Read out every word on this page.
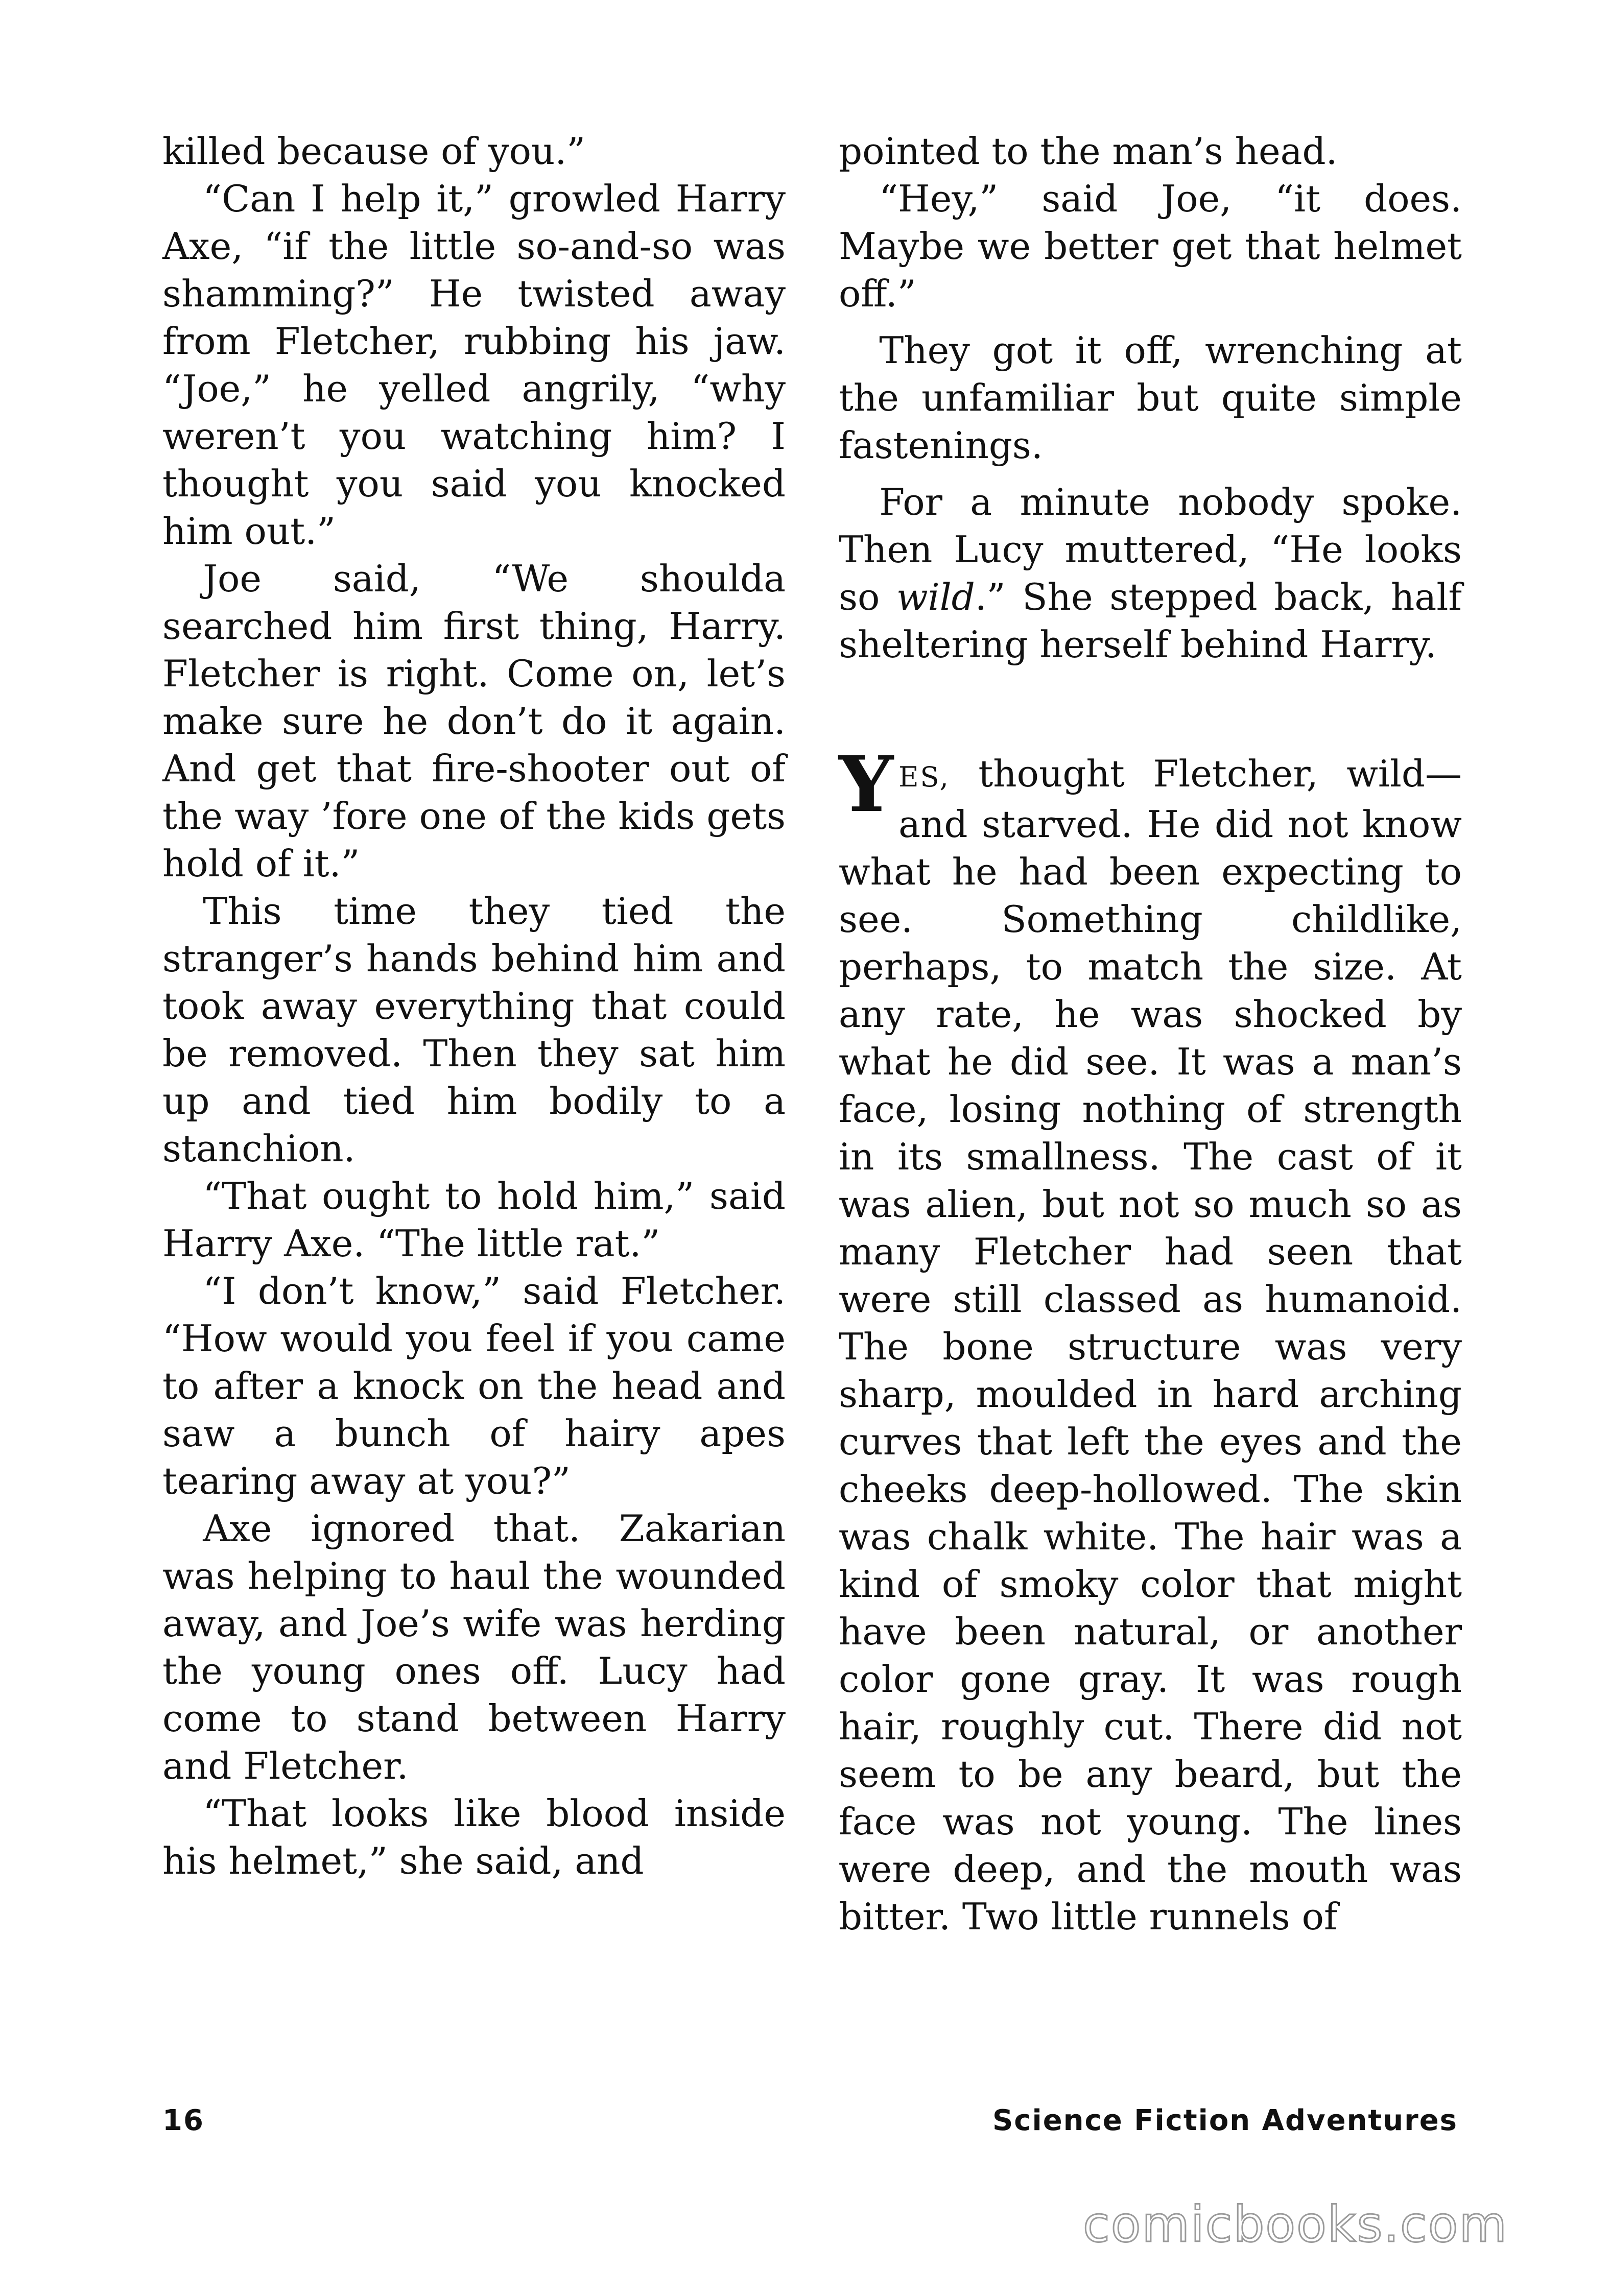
killed because of you.”

“Can I help it,” growled Harry Axe, “if the little so-and-so was shamming?” He twisted away from Fletcher, rubbing his jaw. “Joe,” he yelled angrily, “why weren’t you watching him? I thought you said you knocked him out.”

Joe said, “We shoulda searched him first thing, Harry. Fletcher is right. Come on, let’s make sure he don’t do it again. And get that fire-shooter out of the way ’fore one of the kids gets hold of it.”

This time they tied the stranger’s hands behind him and took away everything that could be removed. Then they sat him up and tied him bodily to a stanchion.

“That ought to hold him,” said Harry Axe. “The little rat.”

“I don’t know,” said Fletcher. “How would you feel if you came to after a knock on the head and saw a bunch of hairy apes tearing away at you?”

Axe ignored that. Zakarian was helping to haul the wounded away, and Joe’s wife was herding the young ones off. Lucy had come to stand between Harry and Fletcher.

“That looks like blood inside his helmet,” she said, and

pointed to the man’s head.

“Hey,” said Joe, “it does. Maybe we better get that helmet off.”

They got it off, wrenching at the unfamiliar but quite simple fastenings.

For a minute nobody spoke. Then Lucy muttered, “He looks so wild.” She stepped back, half sheltering herself behind Harry.

YES, thought Fletcher, wild—and starved. He did not know what he had been expecting to see. Something childlike, perhaps, to match the size. At any rate, he was shocked by what he did see. It was a man’s face, losing nothing of strength in its smallness. The cast of it was alien, but not so much so as many Fletcher had seen that were still classed as humanoid. The bone structure was very sharp, moulded in hard arching curves that left the eyes and the cheeks deep-hollowed. The skin was chalk white. The hair was a kind of smoky color that might have been natural, or another color gone gray. It was rough hair, roughly cut. There did not seem to be any beard, but the face was not young. The lines were deep, and the mouth was bitter. Two little runnels of

16	Science Fiction Adventures
comicbooks.com
